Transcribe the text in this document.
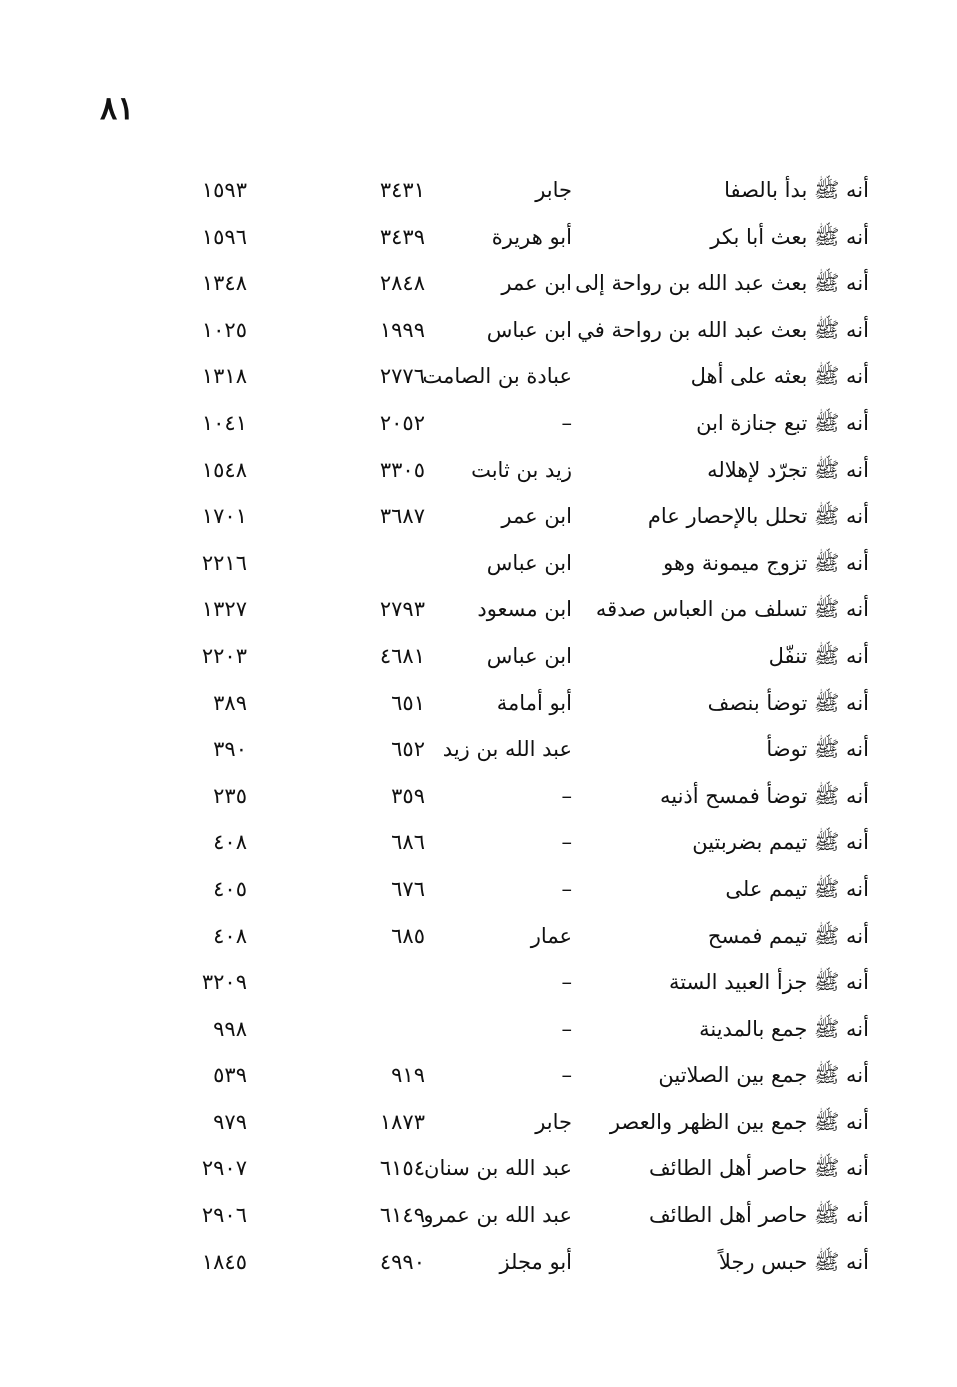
٨١
أنه ﷺ بدأ بالصفا
جابر
٣٤٣١
١٥٩٣
أنه ﷺ بعث أبا بكر
أبو هريرة
٣٤٣٩
١٥٩٦
أنه ﷺ بعث عبد الله بن رواحة إلى
ابن عمر
٢٨٤٨
١٣٤٨
أنه ﷺ بعث عبد الله بن رواحة في
ابن عباس
١٩٩٩
١٠٢٥
أنه ﷺ بعثه على أهل
عبادة بن الصامت
٢٧٧٦
١٣١٨
أنه ﷺ تبع جنازة ابن
–
٢٠٥٢
١٠٤١
أنه ﷺ تجرّد لإهلاله
زيد بن ثابت
٣٣٠٥
١٥٤٨
أنه ﷺ تحلل بالإحصار عام
ابن عمر
٣٦٨٧
١٧٠١
أنه ﷺ تزوج ميمونة وهو
ابن عباس
٢٢١٦
أنه ﷺ تسلف من العباس صدقه
ابن مسعود
٢٧٩٣
١٣٢٧
أنه ﷺ تنفّل
ابن عباس
٤٦٨١
٢٢٠٣
أنه ﷺ توضأ بنصف
أبو أمامة
٦٥١
٣٨٩
أنه ﷺ توضأ
عبد الله بن زيد
٦٥٢
٣٩٠
أنه ﷺ توضأ فمسح أذنيه
–
٣٥٩
٢٣٥
أنه ﷺ تيمم بضربتين
–
٦٨٦
٤٠٨
أنه ﷺ تيمم على
–
٦٧٦
٤٠٥
أنه ﷺ تيمم فمسح
عمار
٦٨٥
٤٠٨
أنه ﷺ جزأ العبيد الستة
–
٣٢٠٩
أنه ﷺ جمع بالمدينة
–
٩٩٨
أنه ﷺ جمع بين الصلاتين
–
٩١٩
٥٣٩
أنه ﷺ جمع بين الظهر والعصر
جابر
١٨٧٣
٩٧٩
أنه ﷺ حاصر أهل الطائف
عبد الله بن سنان
٦١٥٤
٢٩٠٧
أنه ﷺ حاصر أهل الطائف
عبد الله بن عمرو
٦١٤٩
٢٩٠٦
أنه ﷺ حبس رجلاً
أبو مجلز
٤٩٩٠
١٨٤٥
